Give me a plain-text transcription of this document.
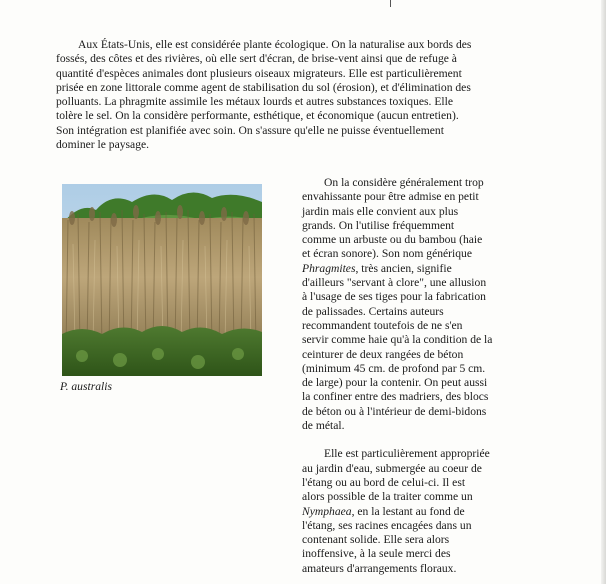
Aux États-Unis, elle est considérée plante écologique. On la naturalise aux bords des
fossés, des côtes et des rivières, où elle sert d'écran, de brise-vent ainsi que de refuge à
quantité d'espèces animales dont plusieurs oiseaux migrateurs. Elle est particulièrement
prisée en zone littorale comme agent de stabilisation du sol (érosion), et d'élimination des
polluants. La phragmite assimile les métaux lourds et autres substances toxiques. Elle
tolère le sel. On la considère performante, esthétique, et économique (aucun entretien).
Son intégration est planifiée avec soin. On s'assure qu'elle ne puisse éventuellement
dominer le paysage.
P. australis

On la considère généralement trop
envahissante pour être admise en petit
jardin mais elle convient aux plus
grands. On l'utilise fréquemment
comme un arbuste ou du bambou (haie
et écran sonore). Son nom générique
Phragmites, très ancien, signifie
d'ailleurs "servant à clore", une allusion
à l'usage de ses tiges pour la fabrication
de palissades. Certains auteurs
recommandent toutefois de ne s'en
servir comme haie qu'à la condition de la
ceinturer de deux rangées de béton
(minimum 45 cm. de profond par 5 cm.
de large) pour la contenir. On peut aussi
la confiner entre des madriers, des blocs
de béton ou à l'intérieur de demi-bidons
de métal.

Elle est particulièrement appropriée
au jardin d'eau, submergée au coeur de
l'étang ou au bord de celui-ci. Il est
alors possible de la traiter comme un
Nymphaea, en la lestant au fond de
l'étang, ses racines encagées dans un
contenant solide. Elle sera alors
inoffensive, à la seule merci des
amateurs d'arrangements floraux.
